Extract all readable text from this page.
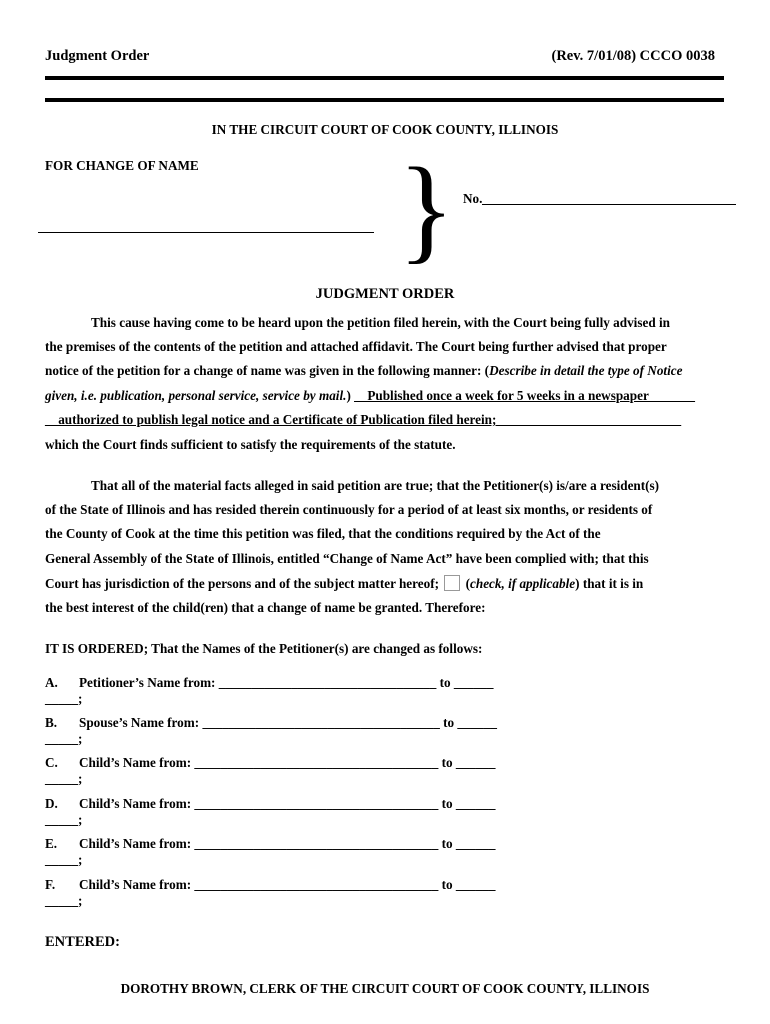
Judgment Order	(Rev. 7/01/08) CCCO 0038
IN THE CIRCUIT COURT OF COOK COUNTY, ILLINOIS
FOR CHANGE OF NAME } No.
JUDGMENT ORDER
This cause having come to be heard upon the petition filed herein, with the Court being fully advised in
the premises of the contents of the petition and attached affidavit. The Court being further advised that proper
notice of the petition for a change of name was given in the following manner: (Describe in detail the type of Notice
given, i.e. publication, personal service, service by mail.) __Published once a week for 5 weeks in a newspaper_______
__authorized to publish legal notice and a Certificate of Publication filed herein;____________________________
which the Court finds sufficient to satisfy the requirements of the statute.
That all of the material facts alleged in said petition are true; that the Petitioner(s) is/are a resident(s)
of the State of Illinois and has resided therein continuously for a period of at least six months, or residents of
the County of Cook at the time this petition was filed, that the conditions required by the Act of the
General Assembly of the State of Illinois, entitled “Change of Name Act” have been complied with; that this
Court has jurisdiction of the persons and of the subject matter hereof; (check, if applicable) that it is in
the best interest of the child(ren) that a change of name be granted. Therefore:
IT IS ORDERED; That the Names of the Petitioner(s) are changed as follows:
A. Petitioner’s Name from: _________________________________ to ______
_____;
B. Spouse’s Name from: ____________________________________ to ______
_____;
C. Child’s Name from: _____________________________________ to ______
_____;
D. Child’s Name from: _____________________________________ to ______
_____;
E. Child’s Name from: _____________________________________ to ______
_____;
F. Child’s Name from: _____________________________________ to ______
_____;
ENTERED:
DOROTHY BROWN, CLERK OF THE CIRCUIT COURT OF COOK COUNTY, ILLINOIS
